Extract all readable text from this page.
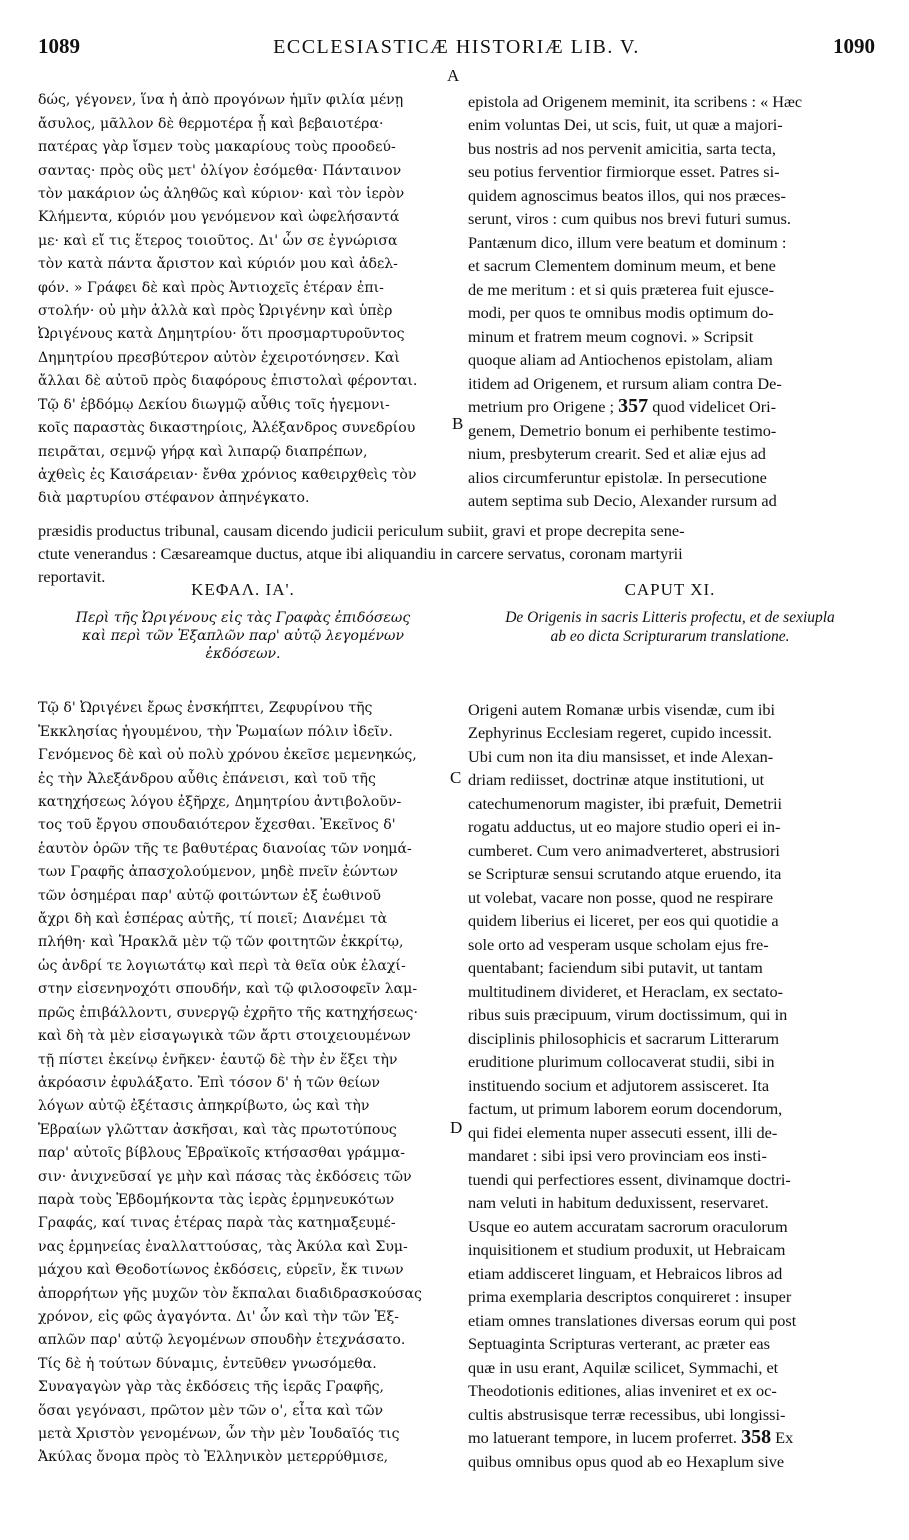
1089	ECCLESIASTICÆ HISTORIÆ LIB. V.	1090

δώς, γέγονεν, ἵνα ἡ ἀπὸ προγόνων ἡμῖν φιλία μένῃ
ἄσυλος, μᾶλλον δὲ θερμοτέρα ᾖ καὶ βεβαιοτέρα·
πατέρας γὰρ ἴσμεν τοὺς μακαρίους τοὺς προοδεύ-
σαντας· πρὸς οὓς μετ' ὀλίγον ἐσόμεθα· Πάνταινον
τὸν μακάριον ὡς ἀληθῶς καὶ κύριον· καὶ τὸν ἱερὸν
Κλήμεντα, κύριόν μου γενόμενον καὶ ὠφελήσαντά
με· καὶ εἴ τις ἕτερος τοιοῦτος. Δι' ὧν σε ἐγνώρισα
τὸν κατὰ πάντα ἄριστον καὶ κύριόν μου καὶ ἀδελ-
φόν. » Γράφει δὲ καὶ πρὸς Ἀντιοχεῖς ἑτέραν ἐπι-
στολήν· οὐ μὴν ἀλλὰ καὶ πρὸς Ὠριγένην καὶ ὑπὲρ
Ὠριγένους κατὰ Δημητρίου· ὅτι προσμαρτυροῦντος
Δημητρίου πρεσβύτερον αὐτὸν ἐχειροτόνησεν. Καὶ
ἄλλαι δὲ αὐτοῦ πρὸς διαφόρους ἐπιστολαὶ φέρονται.
Τῷ δ' ἑβδόμῳ Δεκίου διωγμῷ αὖθις τοῖς ἡγεμονι-
κοῖς παραστὰς δικαστηρίοις, Ἀλέξανδρος συνεδρίου
πειρᾶται, σεμνῷ γήρᾳ καὶ λιπαρῷ διαπρέπων,
ἀχθεὶς ἐς Καισάρειαν· ἔνθα χρόνιος καθειρχθεὶς τὸν
διὰ μαρτυρίου στέφανον ἀπηνέγκατο.

epistola ad Origenem meminit, ita scribens : « Hæc
enim voluntas Dei, ut scis, fuit, ut quæ a majori-
bus nostris ad nos pervenit amicitia, sarta tecta,
seu potius ferventior firmiorque esset. Patres si-
quidem agnoscimus beatos illos, qui nos præces-
serunt, viros : cum quibus nos brevi futuri sumus.
Pantænum dico, illum vere beatum et dominum :
et sacrum Clementem dominum meum, et bene
de me meritum : et si quis præterea fuit ejusce-
modi, per quos te omnibus modis optimum do-
minum et fratrem meum cognovi. » Scripsit
quoque aliam ad Antiochenos epistolam, aliam
itidem ad Origenem, et rursum aliam contra De-
metrium pro Origene ; 357 quod videlicet Ori-
genem, Demetrio bonum ei perhibente testimo-
nium, presbyterum crearit. Sed et aliæ ejus ad
alios circumferuntur epistolæ. In persecutione
autem septima sub Decio, Alexander rursum ad

præsidis productus tribunal, causam dicendo judicii periculum subiit, gravi et prope decrepita sene-
ctute venerandus : Cæsareamque ductus, atque ibi aliquandiu in carcere servatus, coronam martyrii
reportavit.

A
B
ΚΕΦΑΛ. ΙΑ'.	CAPUT XI.
Περὶ τῆς Ὠριγένους εἰς τὰς Γραφὰς ἐπιδόσεως
καὶ περὶ τῶν Ἑξαπλῶν παρ' αὐτῷ λεγομένων
ἐκδόσεων.
De Origenis in sacris Litteris profectu, et de sexiupla
ab eo dicta Scripturarum translatione.

Τῷ δ' Ὠριγένει ἔρως ἐνσκήπτει, Ζεφυρίνου τῆς
Ἐκκλησίας ἡγουμένου, τὴν Ῥωμαίων πόλιν ἰδεῖν.
Γενόμενος δὲ καὶ οὐ πολὺ χρόνου ἐκεῖσε μεμενηκώς,
ἐς τὴν Ἀλεξάνδρου αὖθις ἐπάνεισι, καὶ τοῦ τῆς
κατηχήσεως λόγου ἐξῆρχε, Δημητρίου ἀντιβολοῦν-
τος τοῦ ἔργου σπουδαιότερον ἔχεσθαι. Ἐκεῖνος δ'
ἑαυτὸν ὁρῶν τῆς τε βαθυτέρας διανοίας τῶν νοημά-
των Γραφῆς ἀπασχολούμενον, μηδὲ πνεῖν ἐώντων
τῶν ὁσημέραι παρ' αὐτῷ φοιτώντων ἐξ ἑωθινοῦ
ἄχρι δὴ καὶ ἑσπέρας αὐτῆς, τί ποιεῖ; Διανέμει τὰ
πλήθη· καὶ Ἡρακλᾶ μὲν τῷ τῶν φοιτητῶν ἐκκρίτῳ,
ὡς ἀνδρί τε λογιωτάτῳ καὶ περὶ τὰ θεῖα οὐκ ἐλαχί-
στην εἰσενηνοχότι σπουδήν, καὶ τῷ φιλοσοφεῖν λαμ-
πρῶς ἐπιβάλλοντι, συνεργῷ ἐχρῆτο τῆς κατηχήσεως·
καὶ δὴ τὰ μὲν εἰσαγωγικὰ τῶν ἄρτι στοιχειουμένων
τῇ πίστει ἐκείνῳ ἐνῆκεν· ἑαυτῷ δὲ τὴν ἐν ἕξει τὴν
ἀκρόασιν ἐφυλάξατο. Ἐπὶ τόσον δ' ἡ τῶν θείων
λόγων αὐτῷ ἐξέτασις ἀπηκρίβωτο, ὡς καὶ τὴν
Ἑβραίων γλῶτταν ἀσκῆσαι, καὶ τὰς πρωτοτύπους
παρ' αὐτοῖς βίβλους Ἑβραϊκοῖς κτήσασθαι γράμμα-
σιν· ἀνιχνεῦσαί γε μὴν καὶ πάσας τὰς ἐκδόσεις τῶν
παρὰ τοὺς Ἑβδομήκοντα τὰς ἱερὰς ἑρμηνευκότων
Γραφάς, καί τινας ἑτέρας παρὰ τὰς κατημαξευμέ-
νας ἑρμηνείας ἐναλλαττούσας, τὰς Ἀκύλα καὶ Συμ-
μάχου καὶ Θεοδοτίωνος ἐκδόσεις, εὑρεῖν, ἔκ τινων
ἀπορρήτων γῆς μυχῶν τὸν ἔκπαλαι διαδιδρασκούσας
χρόνον, εἰς φῶς ἀγαγόντα. Δι' ὧν καὶ τὴν τῶν Ἑξ-
απλῶν παρ' αὐτῷ λεγομένων σπουδὴν ἐτεχνάσατο.
Τίς δὲ ἡ τούτων δύναμις, ἐντεῦθεν γνωσόμεθα.
Συναγαγὼν γὰρ τὰς ἐκδόσεις τῆς ἱερᾶς Γραφῆς,
ὅσαι γεγόνασι, πρῶτον μὲν τῶν ο', εἶτα καὶ τῶν
μετὰ Χριστὸν γενομένων, ὧν τὴν μὲν Ἰουδαῖός τις
Ἀκύλας ὄνομα πρὸς τὸ Ἑλληνικὸν μετερρύθμισε,

Origeni autem Romanæ urbis visendæ, cum ibi
Zephyrinus Ecclesiam regeret, cupido incessit.
Ubi cum non ita diu mansisset, et inde Alexan-
driam rediisset, doctrinæ atque institutioni, ut
catechumenorum magister, ibi præfuit, Demetrii
rogatu adductus, ut eo majore studio operi ei in-
cumberet. Cum vero animadverteret, abstrusiori
se Scripturæ sensui scrutando atque eruendo, ita
ut volebat, vacare non posse, quod ne respirare
quidem liberius ei liceret, per eos qui quotidie a
sole orto ad vesperam usque scholam ejus fre-
quentabant; faciendum sibi putavit, ut tantam
multitudinem divideret, et Heraclam, ex sectato-
ribus suis præcipuum, virum doctissimum, qui in
disciplinis philosophicis et sacrarum Litterarum
eruditione plurimum collocaverat studii, sibi in
instituendo socium et adjutorem assisceret. Ita
factum, ut primum laborem eorum docendorum,
qui fidei elementa nuper assecuti essent, illi de-
mandaret : sibi ipsi vero provinciam eos insti-
tuendi qui perfectiores essent, divinamque doctri-
nam veluti in habitum deduxissent, reservaret.
Usque eo autem accuratam sacrorum oraculorum
inquisitionem et studium produxit, ut Hebraicam
etiam addisceret linguam, et Hebraicos libros ad
prima exemplaria descriptos conquireret : insuper
etiam omnes translationes diversas eorum qui post
Septuaginta Scripturas verterant, ac præter eas
quæ in usu erant, Aquilæ scilicet, Symmachi, et
Theodotionis editiones, alias inveniret et ex oc-
cultis abstrusisque terræ recessibus, ubi longissi-
mo latuerant tempore, in lucem proferret. 358 Ex
quibus omnibus opus quod ab eo Hexaplum sive

C
D
